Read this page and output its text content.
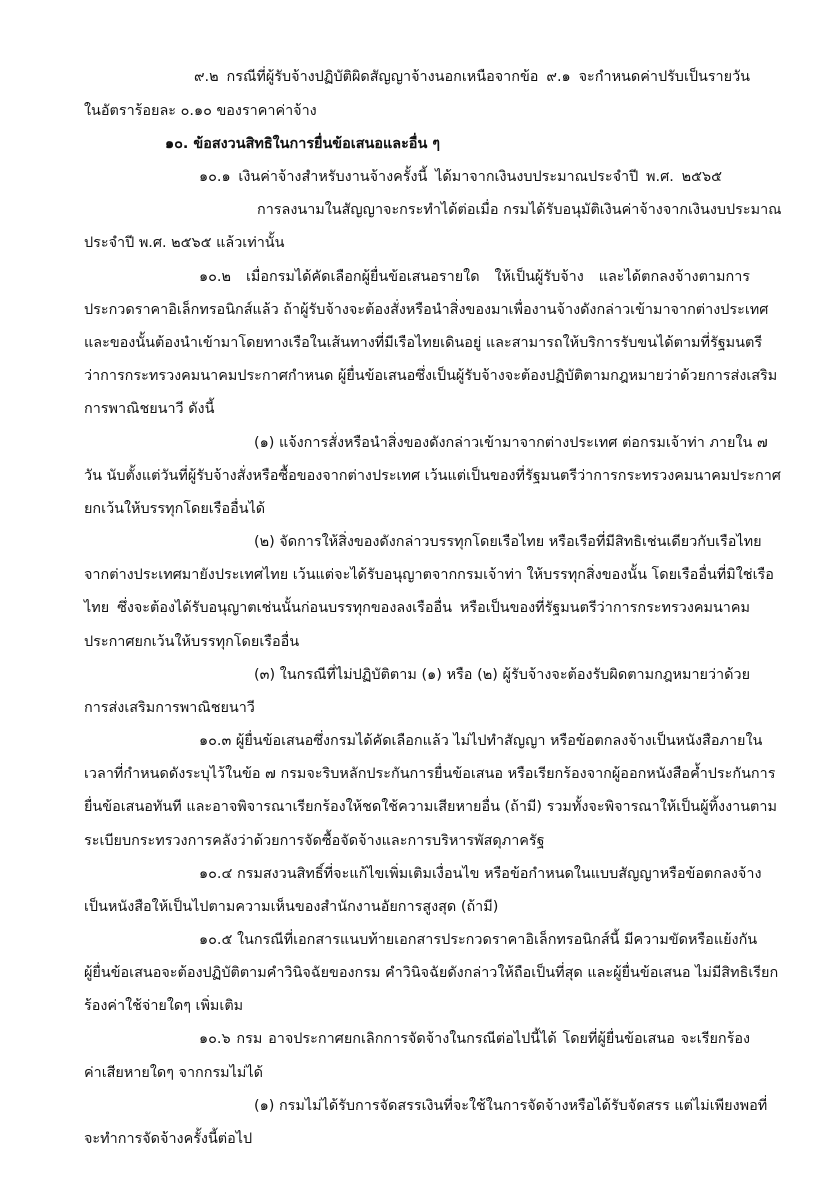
๙.๒ กรณีที่ผู้รับจ้างปฏิบัติผิดสัญญาจ้างนอกเหนือจากข้อ ๙.๑ จะกำหนดค่าปรับเป็นรายวัน
ในอัตราร้อยละ ๐.๑๐ ของราคาค่าจ้าง
๑๐. ข้อสงวนสิทธิในการยื่นข้อเสนอและอื่น ๆ
๑๐.๑ เงินค่าจ้างสำหรับงานจ้างครั้งนี้ ได้มาจากเงินงบประมาณประจำปี พ.ศ. ๒๕๖๕
การลงนามในสัญญาจะกระทำได้ต่อเมื่อ กรมได้รับอนุมัติเงินค่าจ้างจากเงินงบประมาณ
ประจำปี พ.ศ. ๒๕๖๕ แล้วเท่านั้น
๑๐.๒ เมื่อกรมได้คัดเลือกผู้ยื่นข้อเสนอรายใด ให้เป็นผู้รับจ้าง และได้ตกลงจ้างตามการ
ประกวดราคาอิเล็กทรอนิกส์แล้ว ถ้าผู้รับจ้างจะต้องสั่งหรือนำสิ่งของมาเพื่องานจ้างดังกล่าวเข้ามาจากต่างประเทศ
และของนั้นต้องนำเข้ามาโดยทางเรือในเส้นทางที่มีเรือไทยเดินอยู่ และสามารถให้บริการรับขนได้ตามที่รัฐมนตรี
ว่าการกระทรวงคมนาคมประกาศกำหนด ผู้ยื่นข้อเสนอซึ่งเป็นผู้รับจ้างจะต้องปฏิบัติตามกฎหมายว่าด้วยการส่งเสริม
การพาณิชยนาวี ดังนี้
(๑) แจ้งการสั่งหรือนำสิ่งของดังกล่าวเข้ามาจากต่างประเทศ ต่อกรมเจ้าท่า ภายใน ๗
วัน นับตั้งแต่วันที่ผู้รับจ้างสั่งหรือซื้อของจากต่างประเทศ เว้นแต่เป็นของที่รัฐมนตรีว่าการกระทรวงคมนาคมประกาศ
ยกเว้นให้บรรทุกโดยเรืออื่นได้
(๒) จัดการให้สิ่งของดังกล่าวบรรทุกโดยเรือไทย หรือเรือที่มีสิทธิเช่นเดียวกับเรือไทย
จากต่างประเทศมายังประเทศไทย เว้นแต่จะได้รับอนุญาตจากกรมเจ้าท่า ให้บรรทุกสิ่งของนั้น โดยเรืออื่นที่มิใช่เรือ
ไทย ซึ่งจะต้องได้รับอนุญาตเช่นนั้นก่อนบรรทุกของลงเรืออื่น หรือเป็นของที่รัฐมนตรีว่าการกระทรวงคมนาคม
ประกาศยกเว้นให้บรรทุกโดยเรืออื่น
(๓) ในกรณีที่ไม่ปฏิบัติตาม (๑) หรือ (๒) ผู้รับจ้างจะต้องรับผิดตามกฎหมายว่าด้วย
การส่งเสริมการพาณิชยนาวี
๑๐.๓ ผู้ยื่นข้อเสนอซึ่งกรมได้คัดเลือกแล้ว ไม่ไปทำสัญญา หรือข้อตกลงจ้างเป็นหนังสือภายใน
เวลาที่กำหนดดังระบุไว้ในข้อ ๗ กรมจะริบหลักประกันการยื่นข้อเสนอ หรือเรียกร้องจากผู้ออกหนังสือค้ำประกันการ
ยื่นข้อเสนอทันที และอาจพิจารณาเรียกร้องให้ชดใช้ความเสียหายอื่น (ถ้ามี) รวมทั้งจะพิจารณาให้เป็นผู้ทิ้งงานตาม
ระเบียบกระทรวงการคลังว่าด้วยการจัดซื้อจัดจ้างและการบริหารพัสดุภาครัฐ
๑๐.๔ กรมสงวนสิทธิ์ที่จะแก้ไขเพิ่มเติมเงื่อนไข หรือข้อกำหนดในแบบสัญญาหรือข้อตกลงจ้าง
เป็นหนังสือให้เป็นไปตามความเห็นของสำนักงานอัยการสูงสุด (ถ้ามี)
๑๐.๕ ในกรณีที่เอกสารแนบท้ายเอกสารประกวดราคาอิเล็กทรอนิกส์นี้ มีความขัดหรือแย้งกัน
ผู้ยื่นข้อเสนอจะต้องปฏิบัติตามคำวินิจฉัยของกรม คำวินิจฉัยดังกล่าวให้ถือเป็นที่สุด และผู้ยื่นข้อเสนอ ไม่มีสิทธิเรียก
ร้องค่าใช้จ่ายใดๆ เพิ่มเติม
๑๐.๖ กรม อาจประกาศยกเลิกการจัดจ้างในกรณีต่อไปนี้ได้ โดยที่ผู้ยื่นข้อเสนอ จะเรียกร้อง
ค่าเสียหายใดๆ จากกรมไม่ได้
(๑) กรมไม่ได้รับการจัดสรรเงินที่จะใช้ในการจัดจ้างหรือได้รับจัดสรร แต่ไม่เพียงพอที่
จะทำการจัดจ้างครั้งนี้ต่อไป
